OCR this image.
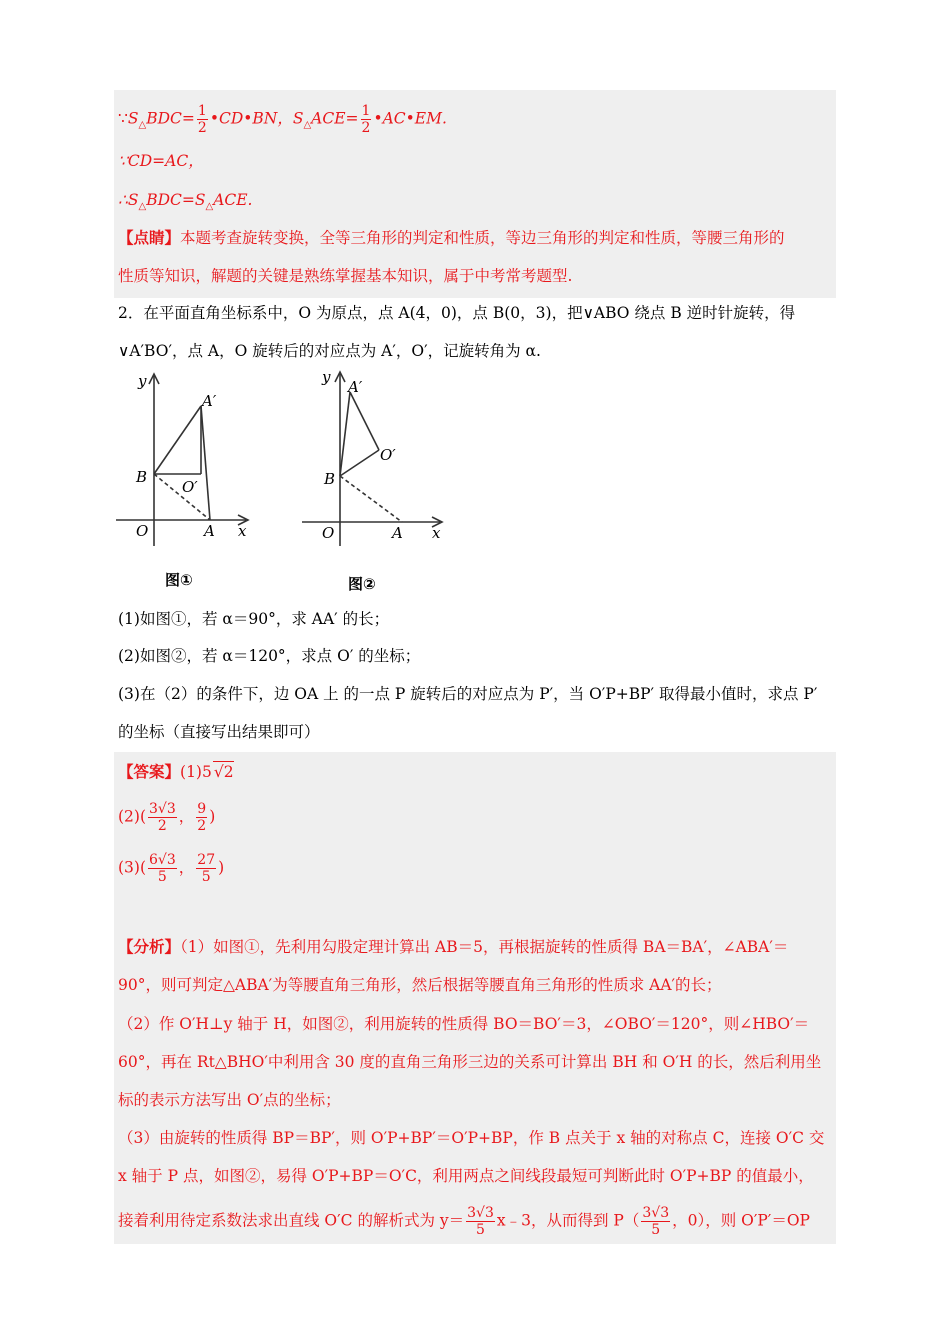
$\because S_\triangle BDC= \frac{1}{2}$ •CD•BN，$S_\triangle ACE= \frac{1}{2}$ •AC•EM.
∵CD=AC，
$\therefore S_\triangle BDC=S_\triangle ACE$.
【点睛】本题考查旋转变换，全等三角形的判定和性质，等边三角形的判定和性质，等腰三角形的
性质等知识，解题的关键是熟练掌握基本知识，属于中考常考题型.
2．在平面直角坐标系中，O 为原点，点 A(4，0)，点 B(0，3)，把∨ABO 绕点 B 逆时针旋转，得
∨A′BO′，点 A，O 旋转后的对应点为 A′，O′，记旋转角为 α.
y
A′
B
O′
O	A x
图①
y
A′
O′
B
O	A x
图②
(1)如图①，若 α＝90°，求 AA′ 的长；
(2)如图②，若 α＝120°，求点 O′ 的坐标；
(3)在（2）的条件下，边 OA 上 的一点 P 旋转后的对应点为 P′，当 O′P+BP′ 取得最小值时，求点 P′
的坐标（直接写出结果即可）
【答案】(1)5 √2
$(2)( \frac{3√3}{2}$ ， $\frac{9}{2}$ )
$(3)( \frac{6√3}{5}$ ， $\frac{27}{5}$ )
【分析】（1）如图①，先利用勾股定理计算出 AB＝5，再根据旋转的性质得 BA＝BA′，∠ABA′＝
90°，则可判定△ABA′为等腰直角三角形，然后根据等腰直角三角形的性质求 AA′的长；
（2）作 O′H⊥y 轴于 H，如图②，利用旋转的性质得 BO＝BO′＝3，∠OBO′＝120°，则∠HBO′＝
60°，再在 Rt△BHO′中利用含 30 度的直角三角形三边的关系可计算出 BH 和 O′H 的长，然后利用坐
标的表示方法写出 O′点的坐标；
（3）由旋转的性质得 BP＝BP′，则 O′P+BP′＝O′P+BP，作 B 点关于 x 轴的对称点 C，连接 O′C 交
x 轴于 P 点，如图②，易得 O′P+BP＝O′C，利用两点之间线段最短可判断此时 O′P+BP 的值最小，
接着利用待定系数法求出直线 O′C 的解析式为 $y= \frac{3√3}{5}$ x﹣3，从而得到 $P( \frac{3√3}{5}$ ，0），则 O′P′＝OP
